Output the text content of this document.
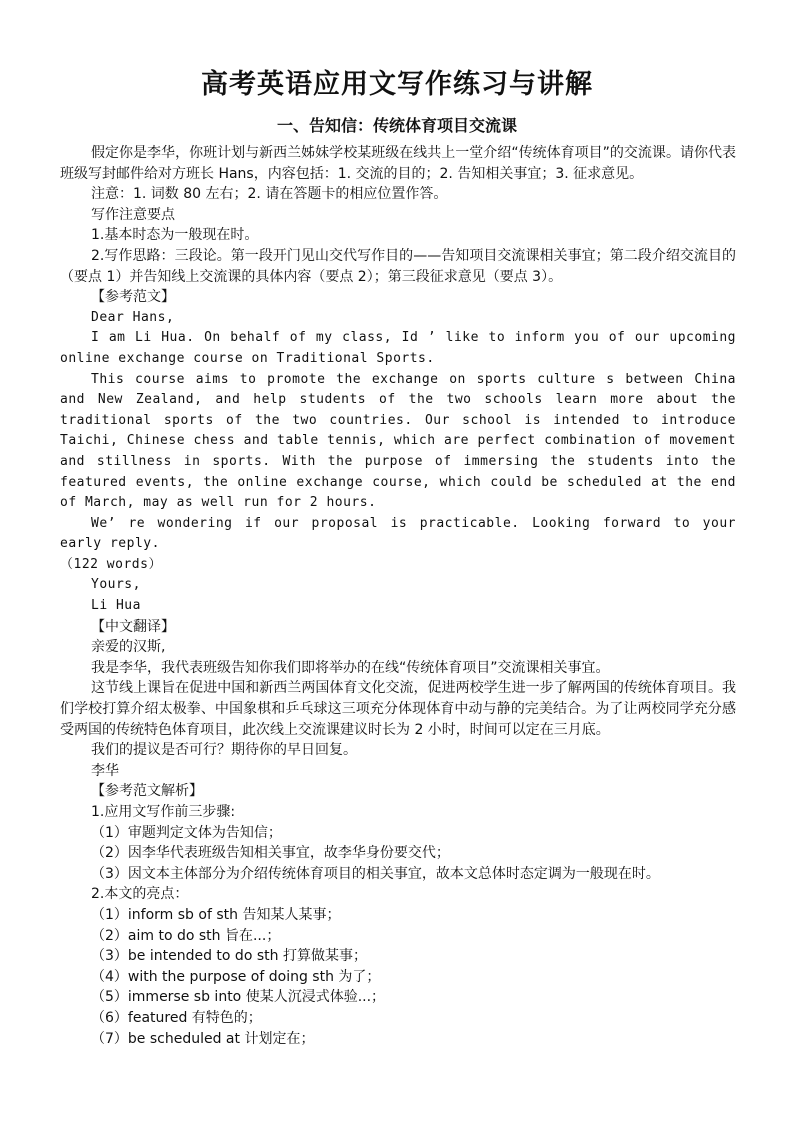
高考英语应用文写作练习与讲解
一、告知信：传统体育项目交流课

假定你是李华，你班计划与新西兰姊妹学校某班级在线共上一堂介绍“传统体育项目”的交流课。请你代表班级写封邮件给对方班长 Hans，内容包括：1. 交流的目的；2. 告知相关事宜；3. 征求意见。

注意：1. 词数 80 左右；2. 请在答题卡的相应位置作答。

写作注意要点

1.基本时态为一般现在时。

2.写作思路：三段论。第一段开门见山交代写作目的——告知项目交流课相关事宜；第二段介绍交流目的（要点 1）并告知线上交流课的具体内容（要点 2）；第三段征求意见（要点 3）。

【参考范文】

Dear Hans,

I am Li Hua. On behalf of my class, Id ’ like to inform you of our upcoming online exchange course on Traditional Sports.

This course aims to promote the exchange on sports culture s between China and New Zealand, and help students of the two schools learn more about the traditional sports of the two countries. Our school is intended to introduce Taichi, Chinese chess and table tennis, which are perfect combination of movement and stillness in sports. With the purpose of immersing the students into the featured events, the online exchange course, which could be scheduled at the end of March, may as well run for 2 hours.

We’ re wondering if our proposal is practicable. Looking forward to your early reply.

（122 words）

Yours,

Li Hua

【中文翻译】

亲爱的汉斯,

我是李华，我代表班级告知你我们即将举办的在线“传统体育项目”交流课相关事宜。

这节线上课旨在促进中国和新西兰两国体育文化交流，促进两校学生进一步了解两国的传统体育项目。我们学校打算介绍太极拳、中国象棋和乒乓球这三项充分体现体育中动与静的完美结合。为了让两校同学充分感受两国的传统特色体育项目，此次线上交流课建议时长为 2 小时，时间可以定在三月底。

我们的提议是否可行？期待你的早日回复。

李华

【参考范文解析】

1.应用文写作前三步骤:

（1）审题判定文体为告知信；

（2）因李华代表班级告知相关事宜，故李华身份要交代；

（3）因文本主体部分为介绍传统体育项目的相关事宜，故本文总体时态定调为一般现在时。

2.本文的亮点：

（1）inform sb of sth 告知某人某事；

（2）aim to do sth 旨在...；

（3）be intended to do sth 打算做某事；

（4）with the purpose of doing sth 为了；

（5）immerse sb into 使某人沉浸式体验...；

（6）featured 有特色的；

（7）be scheduled at 计划定在；
